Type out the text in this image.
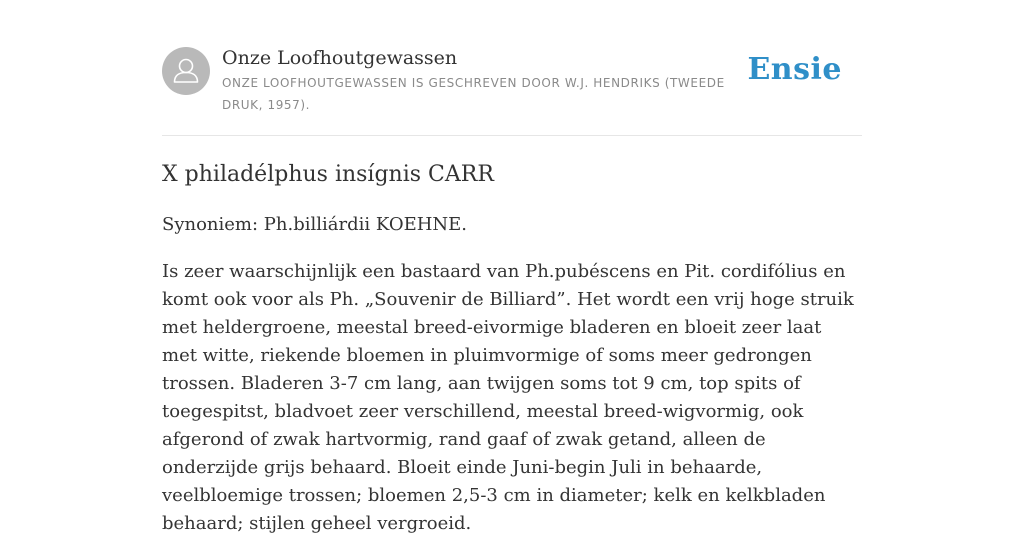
Onze Loofhoutgewassen
ONZE LOOFHOUTGEWASSEN IS GESCHREVEN DOOR W.J. HENDRIKS (TWEEDE DRUK, 1957).
Ensie
X philadélphus insígnis CARR

Synoniem: Ph.billiárdii KOEHNE.

Is zeer waarschijnlijk een bastaard van Ph.pubéscens en Pit. cordifólius en komt ook voor als Ph. „Souvenir de Billiard”. Het wordt een vrij hoge struik met heldergroene, meestal breed-eivormige bladeren en bloeit zeer laat met witte, riekende bloemen in pluimvormige of soms meer gedrongen trossen. Bladeren 3-7 cm lang, aan twijgen soms tot 9 cm, top spits of toegespitst, bladvoet zeer verschillend, meestal breed-wigvormig, ook afgerond of zwak hartvormig, rand gaaf of zwak getand, alleen de onderzijde grijs behaard. Bloeit einde Juni-begin Juli in behaarde, veelbloemige trossen; bloemen 2,5-3 cm in diameter; kelk en kelkbladen behaard; stijlen geheel vergroeid.
